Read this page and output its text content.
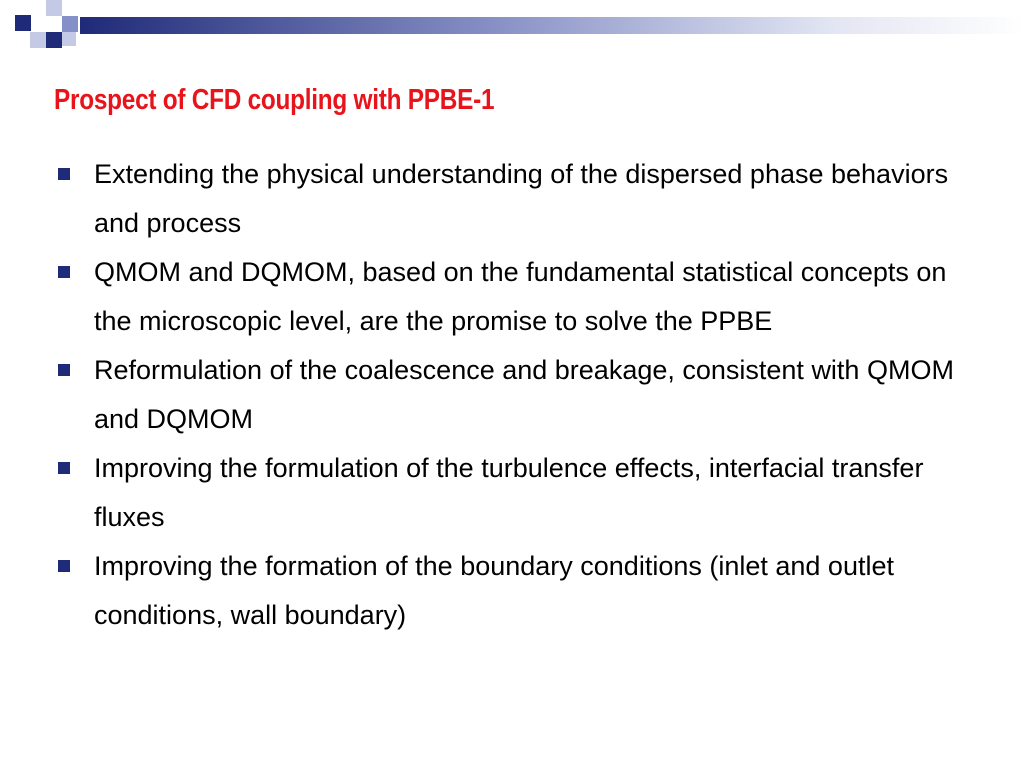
Prospect of CFD coupling with PPBE-1
Extending the physical understanding of the dispersed phase behaviors and process
QMOM and DQMOM, based on the fundamental statistical concepts on the microscopic level, are the promise to solve the PPBE
Reformulation of the coalescence and breakage, consistent with QMOM and DQMOM
Improving the formulation of the turbulence effects, interfacial transfer fluxes
Improving the formation of the boundary conditions (inlet and outlet conditions, wall boundary)
